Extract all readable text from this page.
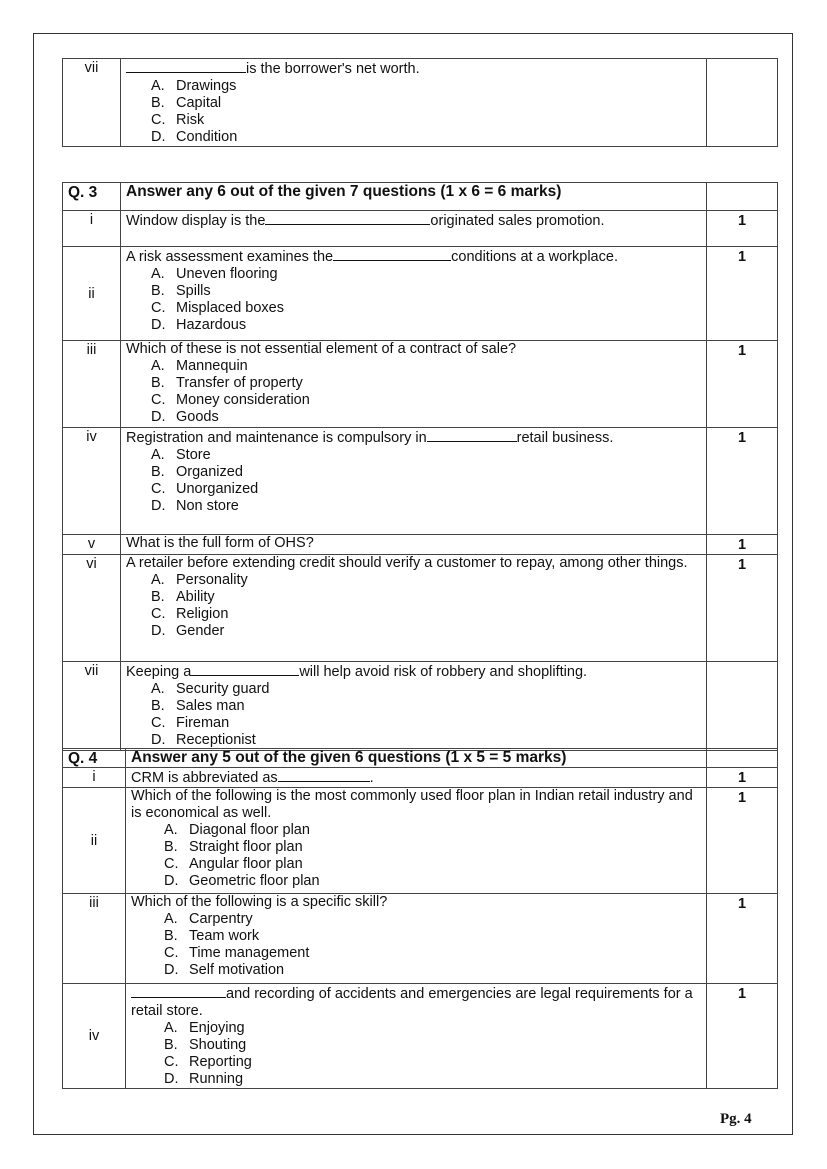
vii	is the borrower's net worth.
A. Drawings
B. Capital
C. Risk
D. Condition

Q. 3	Answer any 6 out of the given 7 questions (1 x 6 = 6 marks)	
i	Window display is the originated sales promotion.	1
ii	A risk assessment examines the conditions at a workplace.
A. Uneven flooring
B. Spills
C. Misplaced boxes
D. Hazardous	1
iii	Which of these is not essential element of a contract of sale?
A. Mannequin
B. Transfer of property
C. Money consideration
D. Goods	1
iv	Registration and maintenance is compulsory in retail business.
A. Store
B. Organized
C. Unorganized
D. Non store	1
v	What is the full form of OHS?	1
vi	A retailer before extending credit should verify a customer to repay, among other things.
A. Personality
B. Ability
C. Religion
D. Gender	1
vii	Keeping a will help avoid risk of robbery and shoplifting.
A. Security guard
B. Sales man
C. Fireman
D. Receptionist	

Q. 4	Answer any 5 out of the given 6 questions (1 x 5 = 5 marks)	
i	CRM is abbreviated as .	1
ii	Which of the following is the most commonly used floor plan in Indian retail industry and is economical as well.
A. Diagonal floor plan
B. Straight floor plan
C. Angular floor plan
D. Geometric floor plan	1
iii	Which of the following is a specific skill?
A. Carpentry
B. Team work
C. Time management
D. Self motivation	1
iv	and recording of accidents and emergencies are legal requirements for a retail store.
A. Enjoying
B. Shouting
C. Reporting
D. Running	1
Pg. 4
